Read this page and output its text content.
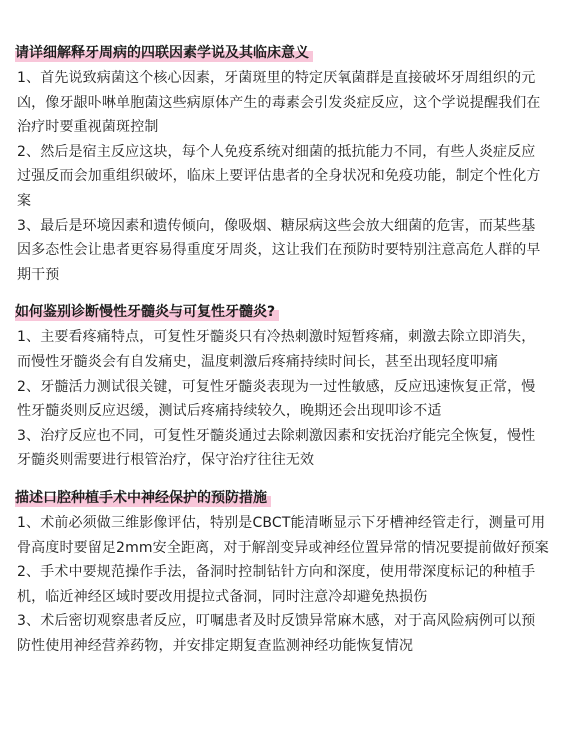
请详细解释牙周病的四联因素学说及其临床意义

1、首先说致病菌这个核心因素，牙菌斑里的特定厌氧菌群是直接破坏牙周组织的元凶，像牙龈卟啉单胞菌这些病原体产生的毒素会引发炎症反应，这个学说提醒我们在治疗时要重视菌斑控制

2、然后是宿主反应这块，每个人免疫系统对细菌的抵抗能力不同，有些人炎症反应过强反而会加重组织破坏，临床上要评估患者的全身状况和免疫功能，制定个性化方案

3、最后是环境因素和遗传倾向，像吸烟、糖尿病这些会放大细菌的危害，而某些基因多态性会让患者更容易得重度牙周炎，这让我们在预防时要特别注意高危人群的早期干预

如何鉴别诊断慢性牙髓炎与可复性牙髓炎?

1、主要看疼痛特点，可复性牙髓炎只有冷热刺激时短暂疼痛，刺激去除立即消失，而慢性牙髓炎会有自发痛史，温度刺激后疼痛持续时间长，甚至出现轻度叩痛

2、牙髓活力测试很关键，可复性牙髓炎表现为一过性敏感，反应迅速恢复正常，慢性牙髓炎则反应迟缓，测试后疼痛持续较久，晚期还会出现叩诊不适

3、治疗反应也不同，可复性牙髓炎通过去除刺激因素和安抚治疗能完全恢复，慢性牙髓炎则需要进行根管治疗，保守治疗往往无效

描述口腔种植手术中神经保护的预防措施

1、术前必须做三维影像评估，特别是CBCT能清晰显示下牙槽神经管走行，测量可用骨高度时要留足2mm安全距离，对于解剖变异或神经位置异常的情况要提前做好预案

2、手术中要规范操作手法，备洞时控制钻针方向和深度，使用带深度标记的种植手机，临近神经区域时要改用提拉式备洞，同时注意冷却避免热损伤

3、术后密切观察患者反应，叮嘱患者及时反馈异常麻木感，对于高风险病例可以预防性使用神经营养药物，并安排定期复查监测神经功能恢复情况
